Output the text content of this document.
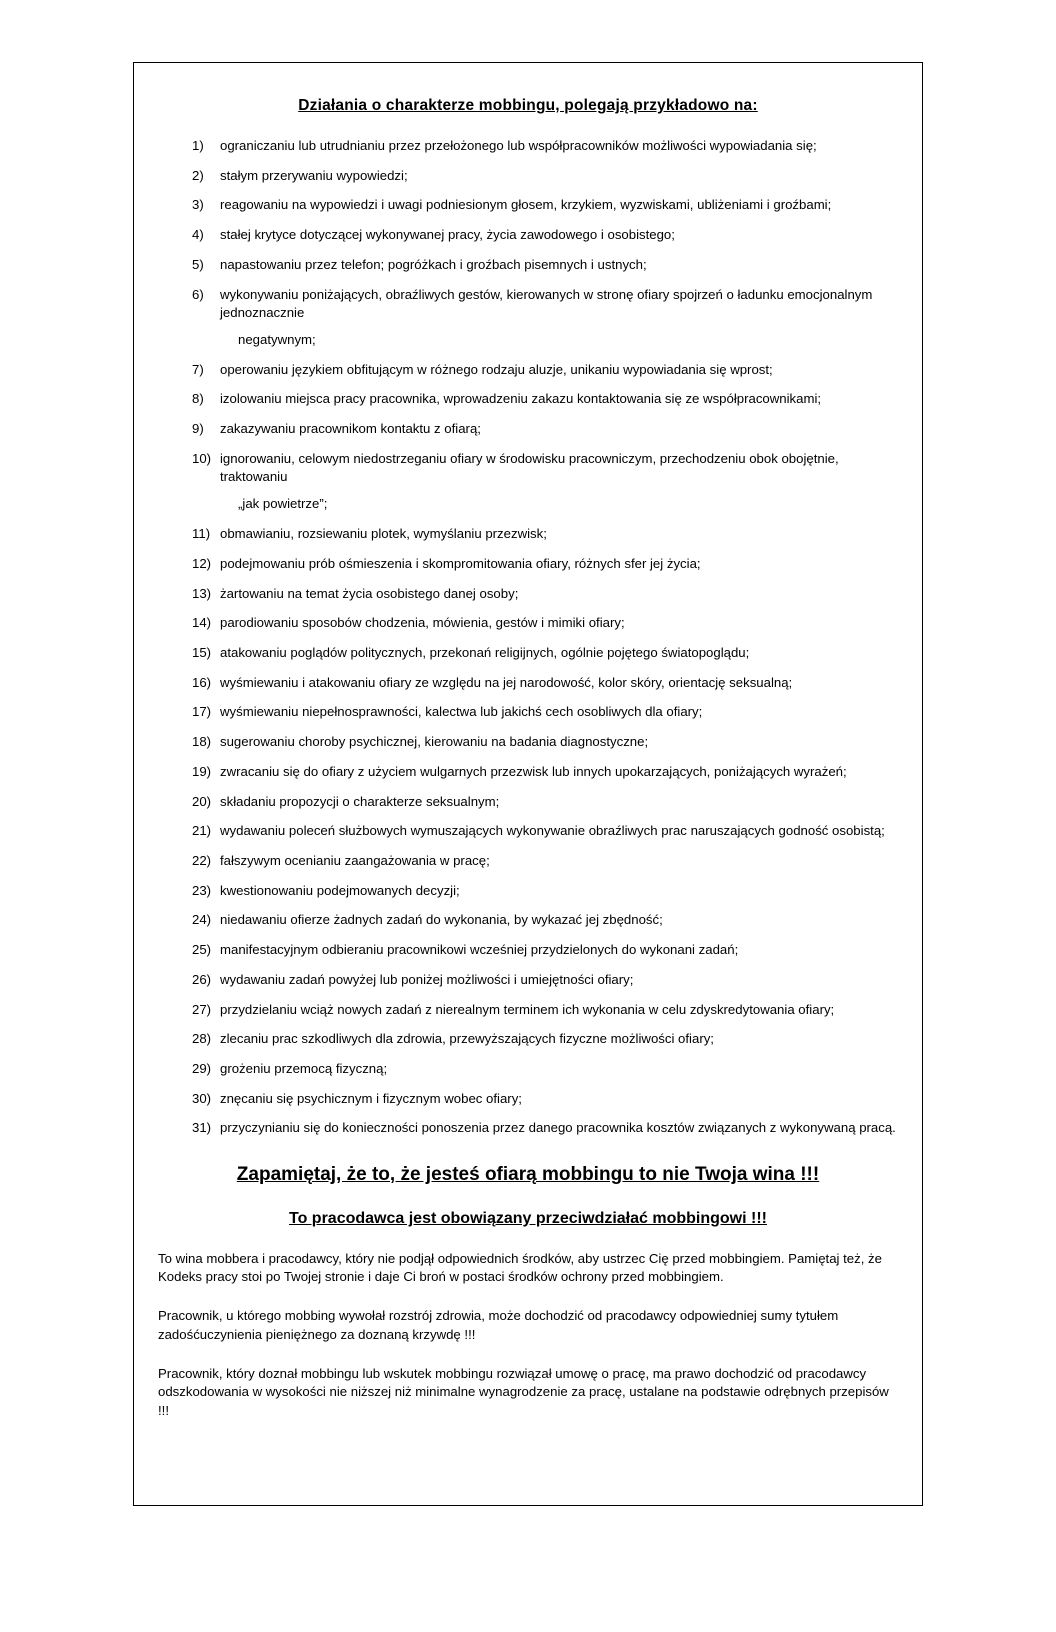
Działania o charakterze mobbingu, polegają przykładowo na:
1)	ograniczaniu lub utrudnianiu przez przełożonego lub współpracowników możliwości wypowiadania się;
2)	stałym przerywaniu wypowiedzi;
3)	reagowaniu na wypowiedzi i uwagi podniesionym głosem, krzykiem, wyzwiskami, ubliżeniami i groźbami;
4)	stałej krytyce dotyczącej wykonywanej pracy, życia zawodowego i osobistego;
5)	napastowaniu przez telefon; pogróżkach i groźbach pisemnych i ustnych;
6)	wykonywaniu poniżających, obraźliwych gestów, kierowanych w stronę ofiary spojrzeń o ładunku emocjonalnym jednoznacznie
negatywnym;
7)	operowaniu językiem obfitującym w różnego rodzaju aluzje, unikaniu wypowiadania się wprost;
8)	izolowaniu miejsca pracy pracownika, wprowadzeniu zakazu kontaktowania się ze współpracownikami;
9)	zakazywaniu pracownikom kontaktu z ofiarą;
10) ignorowaniu, celowym niedostrzeganiu ofiary w środowisku pracowniczym, przechodzeniu obok obojętnie, traktowaniu
„jak powietrze”;
11) obmawianiu, rozsiewaniu plotek, wymyślaniu przezwisk;
12) podejmowaniu prób ośmieszenia i skompromitowania ofiary, różnych sfer jej życia;
13) żartowaniu na temat życia osobistego danej osoby;
14) parodiowaniu sposobów chodzenia, mówienia, gestów i mimiki ofiary;
15) atakowaniu poglądów politycznych, przekonań religijnych, ogólnie pojętego światopoglądu;
16) wyśmiewaniu i atakowaniu ofiary ze względu na jej narodowość, kolor skóry, orientację seksualną;
17) wyśmiewaniu niepełnosprawności, kalectwa lub jakichś cech osobliwych dla ofiary;
18) sugerowaniu choroby psychicznej, kierowaniu na badania diagnostyczne;
19) zwracaniu się do ofiary z użyciem wulgarnych przezwisk lub innych upokarzających, poniżających wyrażeń;
20) składaniu propozycji o charakterze seksualnym;
21) wydawaniu poleceń służbowych wymuszających wykonywanie obraźliwych prac naruszających godność osobistą;
22) fałszywym ocenianiu zaangażowania w pracę;
23) kwestionowaniu podejmowanych decyzji;
24) niedawaniu ofierze żadnych zadań do wykonania, by wykazać jej zbędność;
25) manifestacyjnym odbieraniu pracownikowi wcześniej przydzielonych do wykonani zadań;
26) wydawaniu zadań powyżej lub poniżej możliwości i umiejętności ofiary;
27) przydzielaniu wciąż nowych zadań z nierealnym terminem ich wykonania w celu zdyskredytowania ofiary;
28) zlecaniu prac szkodliwych dla zdrowia, przewyższających fizyczne możliwości ofiary;
29) grożeniu przemocą fizyczną;
30) znęcaniu się psychicznym i fizycznym wobec ofiary;
31) przyczynianiu się do konieczności ponoszenia przez danego pracownika kosztów związanych z wykonywaną pracą.
Zapamiętaj, że to, że jesteś ofiarą mobbingu to nie Twoja wina !!!
To pracodawca jest obowiązany przeciwdziałać mobbingowi !!!

To wina mobbera i pracodawcy, który nie podjął odpowiednich środków, aby ustrzec Cię przed mobbingiem. Pamiętaj też, że Kodeks pracy stoi po Twojej stronie i daje Ci broń w postaci środków ochrony przed mobbingiem.

Pracownik, u którego mobbing wywołał rozstrój zdrowia, może dochodzić od pracodawcy odpowiedniej sumy tytułem zadośćuczynienia pieniężnego za doznaną krzywdę !!!

Pracownik, który doznał mobbingu lub wskutek mobbingu rozwiązał umowę o pracę, ma prawo dochodzić od pracodawcy odszkodowania w wysokości nie niższej niż minimalne wynagrodzenie za pracę, ustalane na podstawie odrębnych przepisów !!!
